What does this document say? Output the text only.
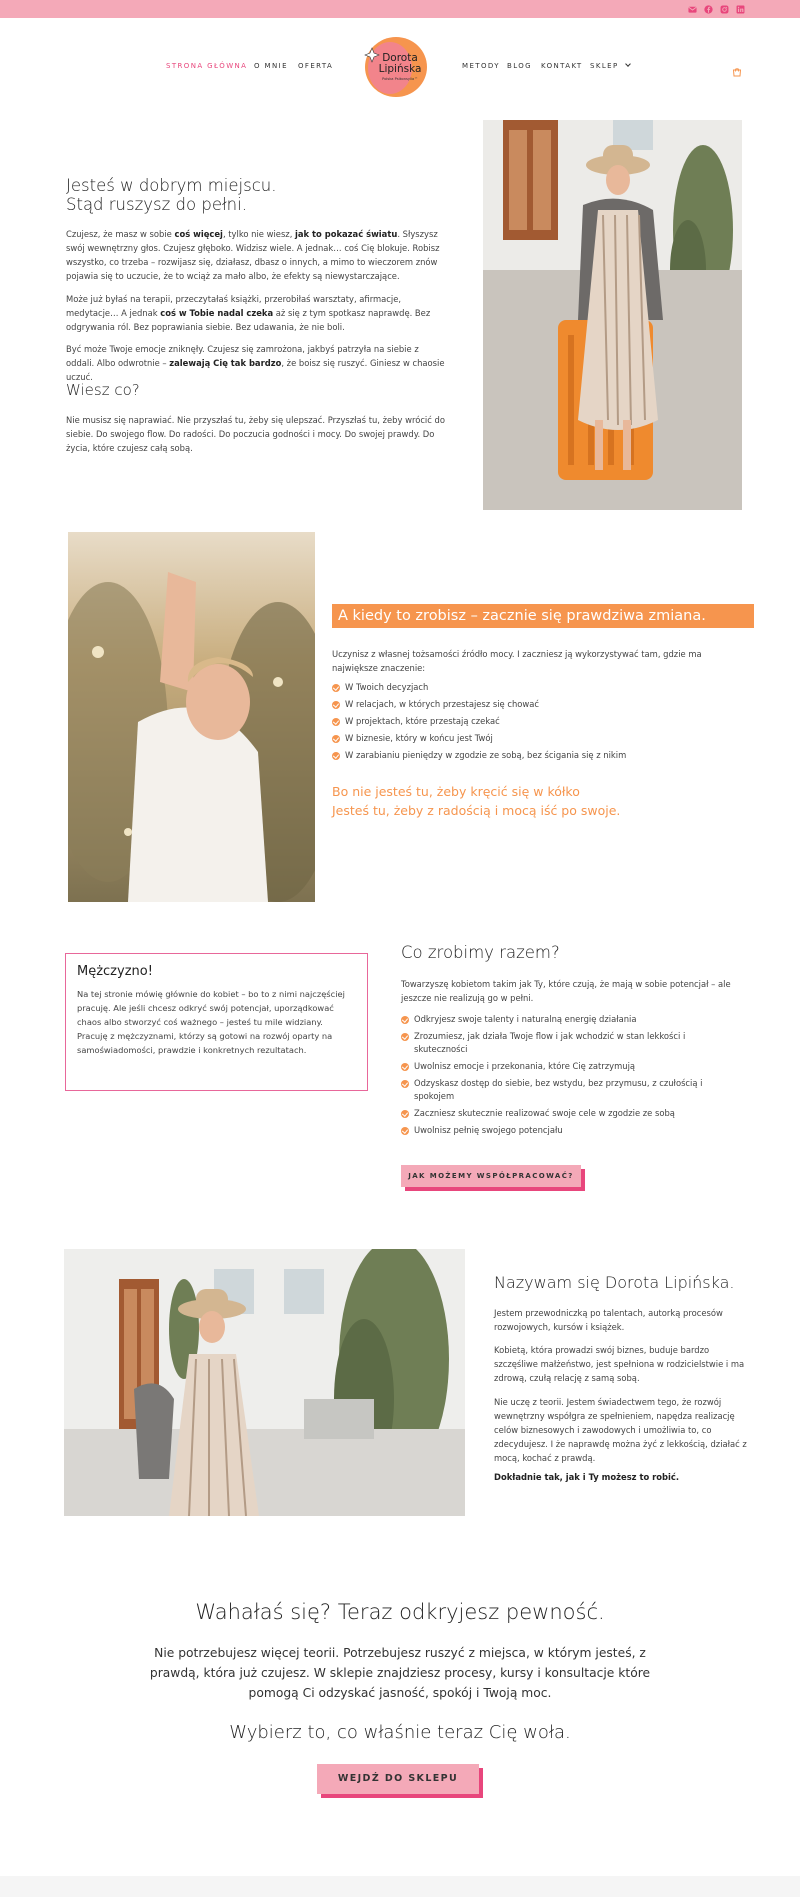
STRONA GŁÓWNA O MNIE OFERTA
Dorota
Lipińska
Polska Psikonsylia™
METODY BLOG KONTAKT SKLEP
Jesteś w dobrym miejscu.
Stąd ruszysz do pełni.
Czujesz, że masz w sobie coś więcej, tylko nie wiesz, jak to pokazać światu. Słyszysz swój wewnętrzny głos. Czujesz głęboko. Widzisz wiele. A jednak… coś Cię blokuje. Robisz wszystko, co trzeba – rozwijasz się, działasz, dbasz o innych, a mimo to wieczorem znów pojawia się to uczucie, że to wciąż za mało albo, że efekty są niewystarczające.
Może już byłaś na terapii, przeczytałaś książki, przerobiłaś warsztaty, afirmacje, medytacje… A jednak coś w Tobie nadal czeka aż się z tym spotkasz naprawdę. Bez odgrywania ról. Bez poprawiania siebie. Bez udawania, że nie boli.
Być może Twoje emocje zniknęły. Czujesz się zamrożona, jakbyś patrzyła na siebie z oddali. Albo odwrotnie – zalewają Cię tak bardzo, że boisz się ruszyć. Giniesz w chaosie uczuć.
Wiesz co?
Nie musisz się naprawiać. Nie przyszłaś tu, żeby się ulepszać. Przyszłaś tu, żeby wrócić do siebie. Do swojego flow. Do radości. Do poczucia godności i mocy. Do swojej prawdy. Do życia, które czujesz całą sobą.
A kiedy to zrobisz – zacznie się prawdziwa zmiana.
Uczynisz z własnej tożsamości źródło mocy. I zaczniesz ją wykorzystywać tam, gdzie ma największe znaczenie:
W Twoich decyzjach
W relacjach, w których przestajesz się chować
W projektach, które przestają czekać
W biznesie, który w końcu jest Twój
W zarabianiu pieniędzy w zgodzie ze sobą, bez ścigania się z nikim
Bo nie jesteś tu, żeby kręcić się w kółko
Jesteś tu, żeby z radością i mocą iść po swoje.
Mężczyzno!
Na tej stronie mówię głównie do kobiet – bo to z nimi najczęściej pracuję. Ale jeśli chcesz odkryć swój potencjał, uporządkować chaos albo stworzyć coś ważnego – jesteś tu mile widziany. Pracuję z mężczyznami, którzy są gotowi na rozwój oparty na samoświadomości, prawdzie i konkretnych rezultatach.
Co zrobimy razem?
Towarzyszę kobietom takim jak Ty, które czują, że mają w sobie potencjał – ale jeszcze nie realizują go w pełni.
Odkryjesz swoje talenty i naturalną energię działania
Zrozumiesz, jak działa Twoje flow i jak wchodzić w stan lekkości i skuteczności
Uwolnisz emocje i przekonania, które Cię zatrzymują
Odzyskasz dostęp do siebie, bez wstydu, bez przymusu, z czułością i spokojem
Zaczniesz skutecznie realizować swoje cele w zgodzie ze sobą
Uwolnisz pełnię swojego potencjału
JAK MOŻEMY WSPÓŁPRACOWAĆ?
Nazywam się Dorota Lipińska.
Jestem przewodniczką po talentach, autorką procesów rozwojowych, kursów i książek.
Kobietą, która prowadzi swój biznes, buduje bardzo szczęśliwe małżeństwo, jest spełniona w rodzicielstwie i ma zdrową, czułą relację z samą sobą.
Nie uczę z teorii. Jestem świadectwem tego, że rozwój wewnętrzny współgra ze spełnieniem, napędza realizację celów biznesowych i zawodowych i umożliwia to, co zdecydujesz. I że naprawdę można żyć z lekkością, działać z mocą, kochać z prawdą.
Dokładnie tak, jak i Ty możesz to robić.
Wahałaś się? Teraz odkryjesz pewność.
Nie potrzebujesz więcej teorii. Potrzebujesz ruszyć z miejsca, w którym jesteś, z prawdą, która już czujesz. W sklepie znajdziesz procesy, kursy i konsultacje które pomogą Ci odzyskać jasność, spokój i Twoją moc.
Wybierz to, co właśnie teraz Cię woła.
WEJDŹ DO SKLEPU
